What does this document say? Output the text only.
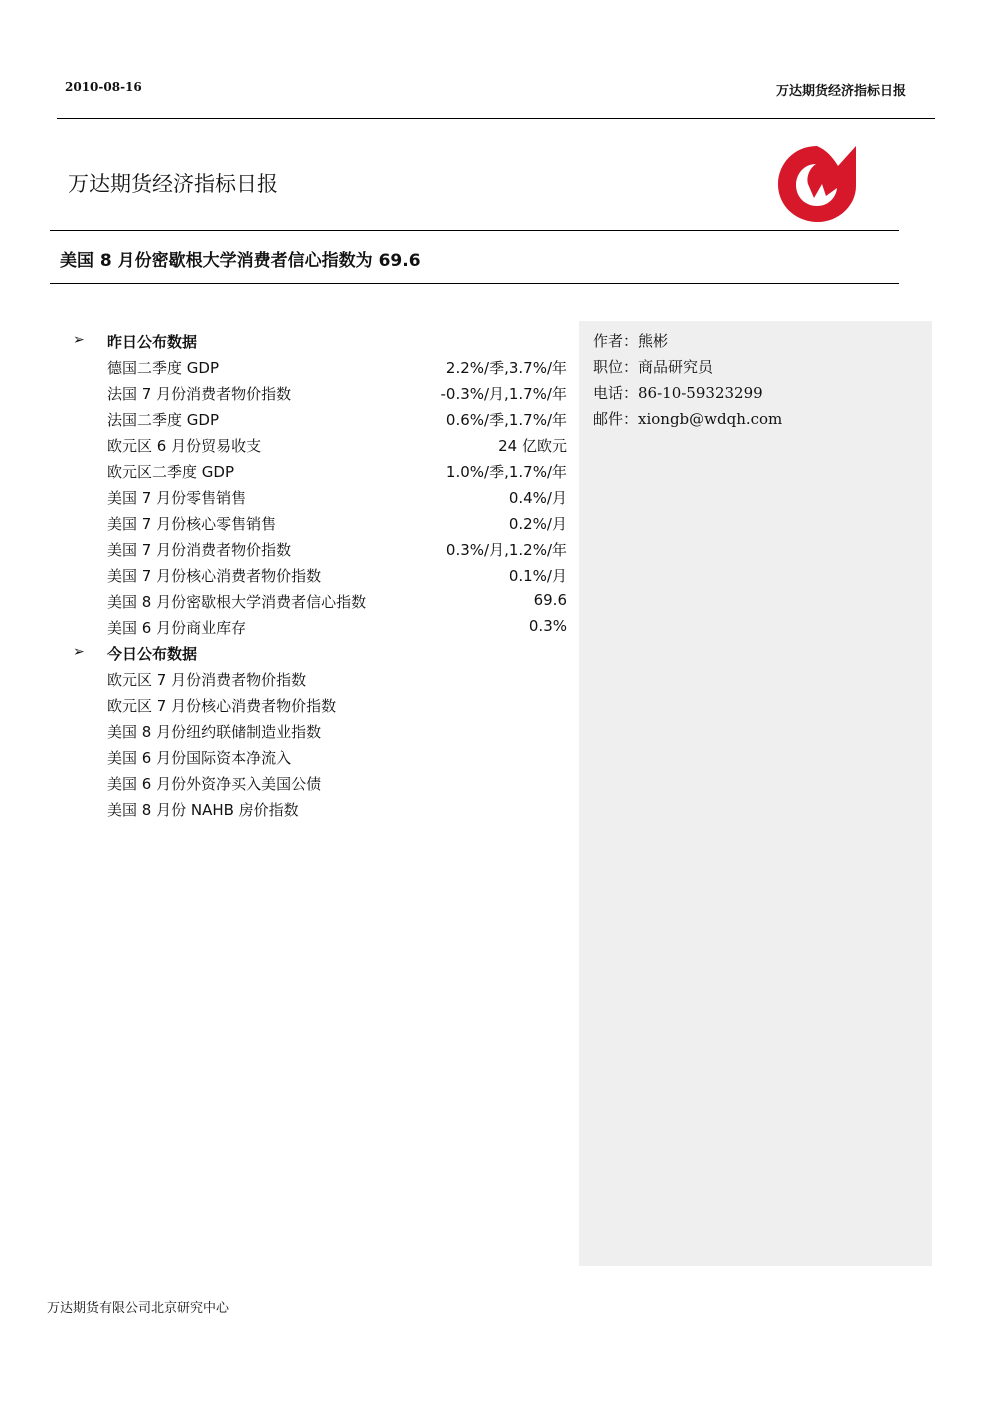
2010-08-16	万达期货经济指标日报
万达期货经济指标日报
美国 8 月份密歇根大学消费者信心指数为 69.6
作者：熊彬
职位：商品研究员
电话：86-10-59323299
邮件：xiongb@wdqh.com
➢ 昨日公布数据
德国二季度 GDP	2.2%/季,3.7%/年
法国 7 月份消费者物价指数	-0.3%/月,1.7%/年
法国二季度 GDP	0.6%/季,1.7%/年
欧元区 6 月份贸易收支	24 亿欧元
欧元区二季度 GDP	1.0%/季,1.7%/年
美国 7 月份零售销售	0.4%/月
美国 7 月份核心零售销售	0.2%/月
美国 7 月份消费者物价指数	0.3%/月,1.2%/年
美国 7 月份核心消费者物价指数	0.1%/月
美国 8 月份密歇根大学消费者信心指数	69.6
美国 6 月份商业库存	0.3%
➢ 今日公布数据
欧元区 7 月份消费者物价指数
欧元区 7 月份核心消费者物价指数
美国 8 月份纽约联储制造业指数
美国 6 月份国际资本净流入
美国 6 月份外资净买入美国公债
美国 8 月份 NAHB 房价指数
万达期货有限公司北京研究中心
